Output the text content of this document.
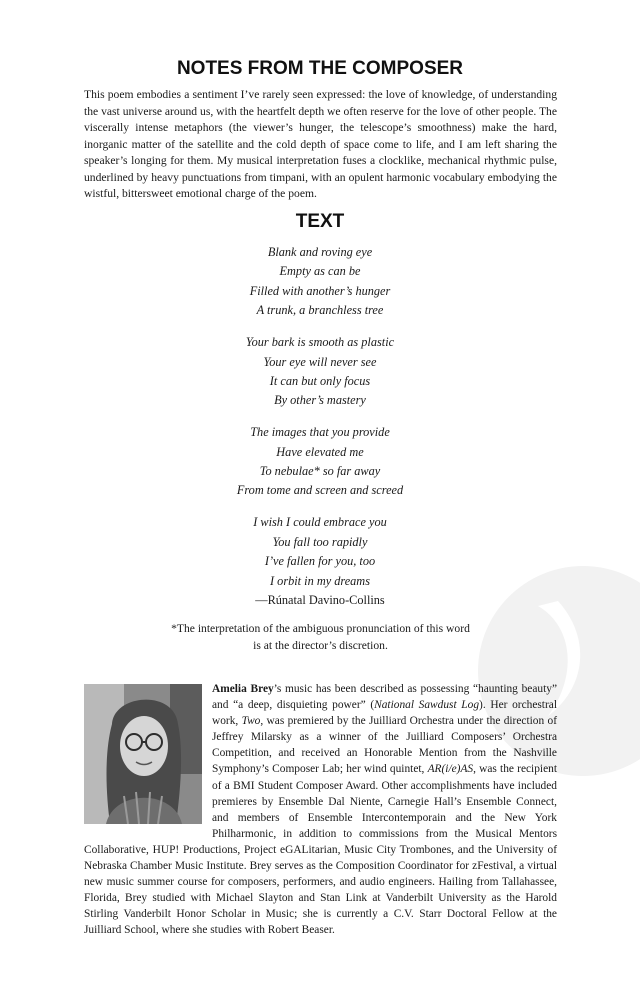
NOTES FROM THE COMPOSER

This poem embodies a sentiment I’ve rarely seen expressed: the love of knowledge, of understanding the vast universe around us, with the heartfelt depth we often reserve for the love of other people. The viscerally intense metaphors (the viewer’s hunger, the telescope’s smoothness) make the hard, inorganic matter of the satellite and the cold depth of space come to life, and I am left sharing the speaker’s longing for them. My musical interpretation fuses a clocklike, mechanical rhythmic pulse, underlined by heavy punctuations from timpani, with an opulent harmonic vocabulary embodying the wistful, bittersweet emotional charge of the poem.

TEXT
Blank and roving eye
Empty as can be
Filled with another’s hunger
A trunk, a branchless tree
Your bark is smooth as plastic
Your eye will never see
It can but only focus
By other’s mastery
The images that you provide
Have elevated me
To nebulae* so far away
From tome and screen and screed
I wish I could embrace you
You fall too rapidly
I’ve fallen for you, too
I orbit in my dreams
—Rúnatal Davino-Collins

*The interpretation of the ambiguous pronunciation of this word
is at the director’s discretion.

Amelia Brey’s music has been described as possessing “haunting beauty” and “a deep, disquieting power” (National Sawdust Log). Her orchestral work, Two, was premiered by the Juilliard Orchestra under the direction of Jeffrey Milarsky as a winner of the Juilliard Composers’ Orchestra Competition, and received an Honorable Mention from the Nashville Symphony’s Composer Lab; her wind quintet, AR(i/e)AS, was the recipient of a BMI Student Composer Award. Other accomplishments have included premieres by Ensemble Dal Niente, Carnegie Hall’s Ensemble Connect, and members of Ensemble Intercontemporain and the New York Philharmonic, in addition to commissions from the Musical Mentors Collaborative, HUP! Productions, Project eGALitarian, Music City Trombones, and the University of Nebraska Chamber Music Institute. Brey serves as the Composition Coordinator for zFestival, a virtual new music summer course for composers, performers, and audio engineers. Hailing from Tallahassee, Florida, Brey studied with Michael Slayton and Stan Link at Vanderbilt University as the Harold Stirling Vanderbilt Honor Scholar in Music; she is currently a C.V. Starr Doctoral Fellow at the Juilliard School, where she studies with Robert Beaser.
